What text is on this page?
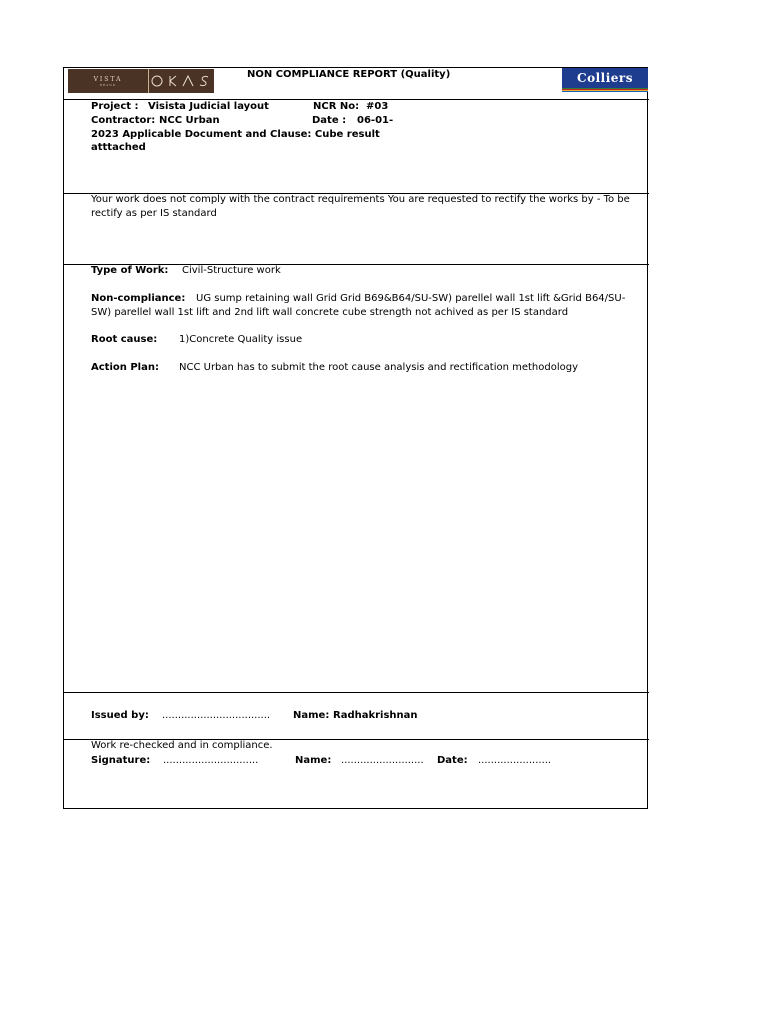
VISTA
BRAND
NON COMPLIANCE REPORT (Quality)	Colliers
Project : Visista Judicial layout	NCR No: #03
Contractor: NCC Urban	Date : 06-01-
2023 Applicable Document and Clause: Cube result
atttached
Your work does not comply with the contract requirements You are requested to rectify the works by - To be
rectify as per IS standard
Type of Work: Civil-Structure work
Non-compliance: UG sump retaining wall Grid Grid B69&B64/SU-SW) parellel wall 1st lift &Grid B64/SU-
SW) parellel wall 1st lift and 2nd lift wall concrete cube strength not achived as per IS standard
Root cause: 1)Concrete Quality issue
Action Plan: NCC Urban has to submit the root cause analysis and rectification methodology
Issued by: .................................. Name: Radhakrishnan
Work re-checked and in compliance.
Signature: ..............................	Name: .......................... Date: .......................
